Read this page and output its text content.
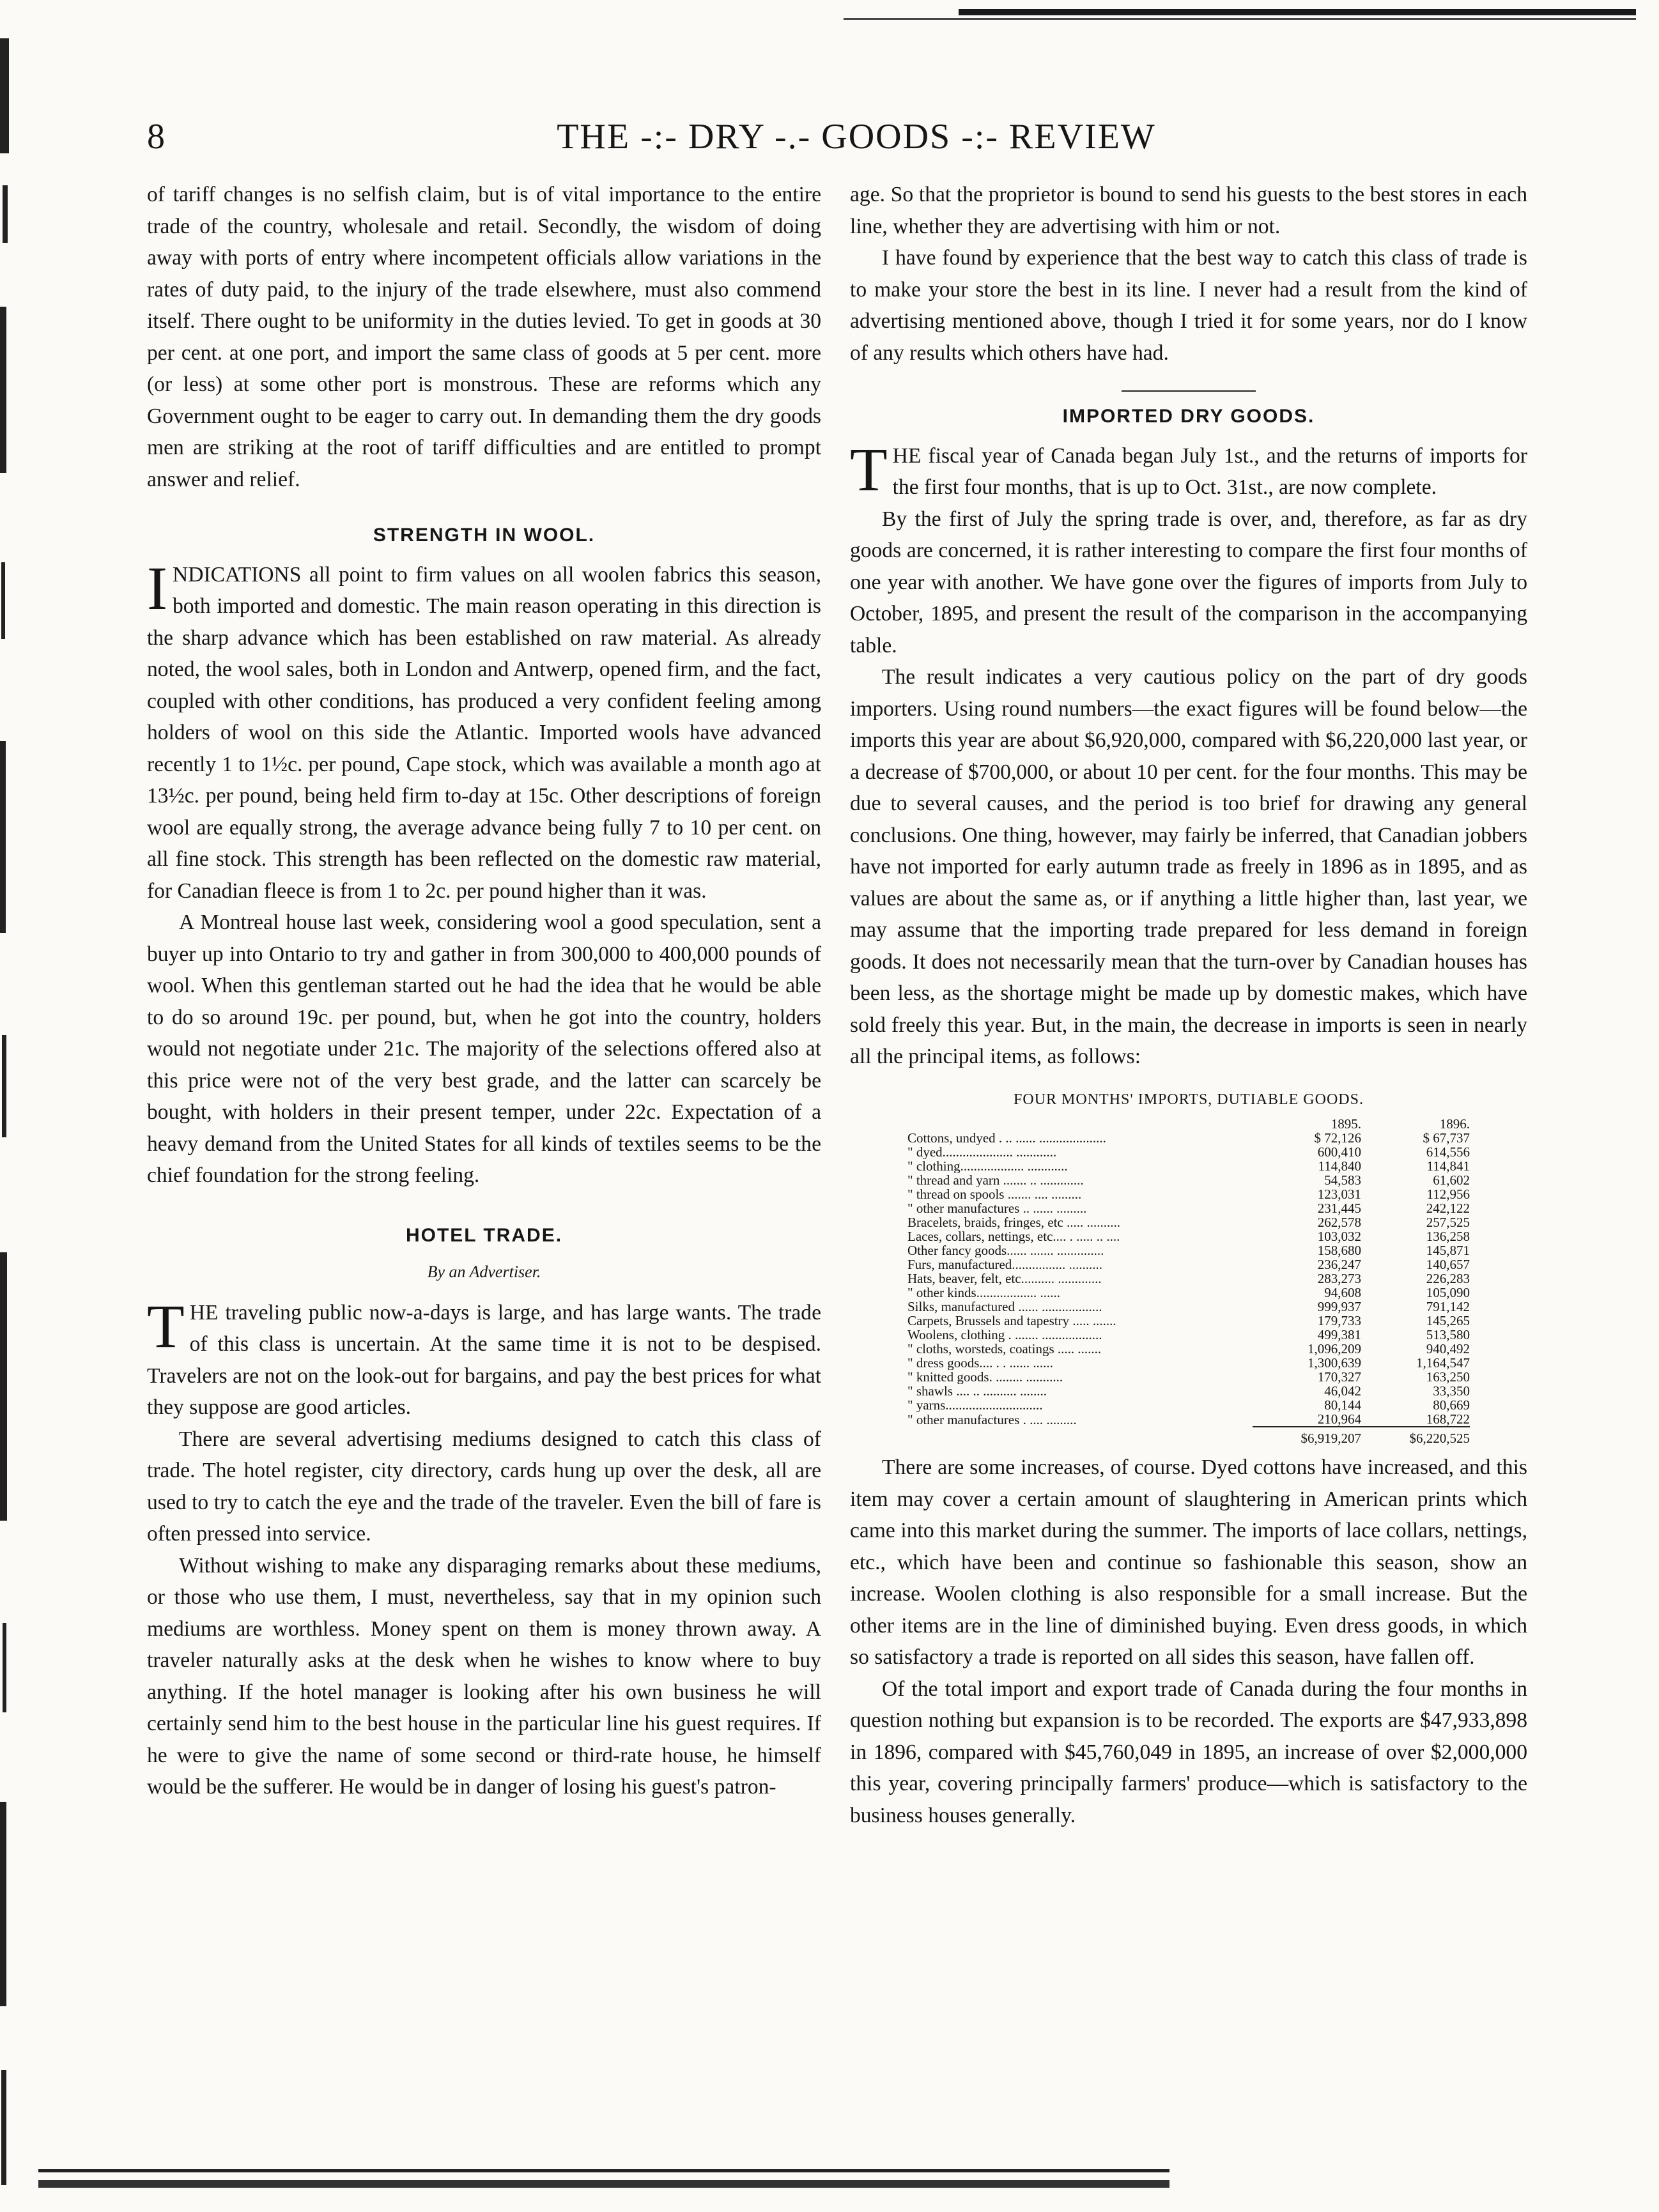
8	THE -:- DRY -.- GOODS -:- REVIEW

of tariff changes is no selfish claim, but is of vital importance to the entire trade of the country, wholesale and retail. Secondly, the wisdom of doing away with ports of entry where incompetent officials allow variations in the rates of duty paid, to the injury of the trade elsewhere, must also commend itself. There ought to be uniformity in the duties levied. To get in goods at 30 per cent. at one port, and import the same class of goods at 5 per cent. more (or less) at some other port is monstrous. These are reforms which any Government ought to be eager to carry out. In demanding them the dry goods men are striking at the root of tariff difficulties and are entitled to prompt answer and relief.

STRENGTH IN WOOL.

INDICATIONS all point to firm values on all woolen fabrics this season, both imported and domestic. The main reason operating in this direction is the sharp advance which has been established on raw material. As already noted, the wool sales, both in London and Antwerp, opened firm, and the fact, coupled with other conditions, has produced a very confident feeling among holders of wool on this side the Atlantic. Imported wools have advanced recently 1 to 1½c. per pound, Cape stock, which was available a month ago at 13½c. per pound, being held firm to-day at 15c. Other descriptions of foreign wool are equally strong, the average advance being fully 7 to 10 per cent. on all fine stock. This strength has been reflected on the domestic raw material, for Canadian fleece is from 1 to 2c. per pound higher than it was.

A Montreal house last week, considering wool a good speculation, sent a buyer up into Ontario to try and gather in from 300,000 to 400,000 pounds of wool. When this gentleman started out he had the idea that he would be able to do so around 19c. per pound, but, when he got into the country, holders would not negotiate under 21c. The majority of the selections offered also at this price were not of the very best grade, and the latter can scarcely be bought, with holders in their present temper, under 22c. Expectation of a heavy demand from the United States for all kinds of textiles seems to be the chief foundation for the strong feeling.

HOTEL TRADE.
By an Advertiser.

THE traveling public now-a-days is large, and has large wants. The trade of this class is uncertain. At the same time it is not to be despised. Travelers are not on the look-out for bargains, and pay the best prices for what they suppose are good articles.

There are several advertising mediums designed to catch this class of trade. The hotel register, city directory, cards hung up over the desk, all are used to try to catch the eye and the trade of the traveler. Even the bill of fare is often pressed into service.

Without wishing to make any disparaging remarks about these mediums, or those who use them, I must, nevertheless, say that in my opinion such mediums are worthless. Money spent on them is money thrown away. A traveler naturally asks at the desk when he wishes to know where to buy anything. If the hotel manager is looking after his own business he will certainly send him to the best house in the particular line his guest requires. If he were to give the name of some second or third-rate house, he himself would be the sufferer. He would be in danger of losing his guest's patron-

age. So that the proprietor is bound to send his guests to the best stores in each line, whether they are advertising with him or not.

I have found by experience that the best way to catch this class of trade is to make your store the best in its line. I never had a result from the kind of advertising mentioned above, though I tried it for some years, nor do I know of any results which others have had.

IMPORTED DRY GOODS.

THE fiscal year of Canada began July 1st., and the returns of imports for the first four months, that is up to Oct. 31st., are now complete.

By the first of July the spring trade is over, and, therefore, as far as dry goods are concerned, it is rather interesting to compare the first four months of one year with another. We have gone over the figures of imports from July to October, 1895, and present the result of the comparison in the accompanying table.

The result indicates a very cautious policy on the part of dry goods importers. Using round numbers—the exact figures will be found below—the imports this year are about $6,920,000, compared with $6,220,000 last year, or a decrease of $700,000, or about 10 per cent. for the four months. This may be due to several causes, and the period is too brief for drawing any general conclusions. One thing, however, may fairly be inferred, that Canadian jobbers have not imported for early autumn trade as freely in 1896 as in 1895, and as values are about the same as, or if anything a little higher than, last year, we may assume that the importing trade prepared for less demand in foreign goods. It does not necessarily mean that the turn-over by Canadian houses has been less, as the shortage might be made up by domestic makes, which have sold freely this year. But, in the main, the decrease in imports is seen in nearly all the principal items, as follows:

FOUR MONTHS' IMPORTS, DUTIABLE GOODS.
	1895.	1896.
Cottons, undyed . .. ...... ....................	$ 72,126	$ 67,737
" dyed..................... ............	600,410	614,556
" clothing................... ............	114,840	114,841
" thread and yarn ....... .. .............	54,583	61,602
" thread on spools ....... .... .........	123,031	112,956
" other manufactures .. ...... .........	231,445	242,122
Bracelets, braids, fringes, etc ..... ..........	262,578	257,525
Laces, collars, nettings, etc.... . ..... .. ....	103,032	136,258
Other fancy goods...... ....... ..............	158,680	145,871
Furs, manufactured................ ..........	236,247	140,657
Hats, beaver, felt, etc.......... .............	283,273	226,283
" other kinds.................. ......	94,608	105,090
Silks, manufactured ...... ..................	999,937	791,142
Carpets, Brussels and tapestry ..... .......	179,733	145,265
Woolens, clothing . ....... ..................	499,381	513,580
" cloths, worsteds, coatings ..... .......	1,096,209	940,492
" dress goods.... . . ...... ......	1,300,639	1,164,547
" knitted goods. ........ ...........	170,327	163,250
" shawls .... .. .......... ........	46,042	33,350
" yarns.............................	80,144	80,669
" other manufactures . .... .........	210,964	168,722
	$6,919,207	$6,220,525

There are some increases, of course. Dyed cottons have increased, and this item may cover a certain amount of slaughtering in American prints which came into this market during the summer. The imports of lace collars, nettings, etc., which have been and continue so fashionable this season, show an increase. Woolen clothing is also responsible for a small increase. But the other items are in the line of diminished buying. Even dress goods, in which so satisfactory a trade is reported on all sides this season, have fallen off.

Of the total import and export trade of Canada during the four months in question nothing but expansion is to be recorded. The exports are $47,933,898 in 1896, compared with $45,760,049 in 1895, an increase of over $2,000,000 this year, covering principally farmers' produce—which is satisfactory to the business houses generally.
